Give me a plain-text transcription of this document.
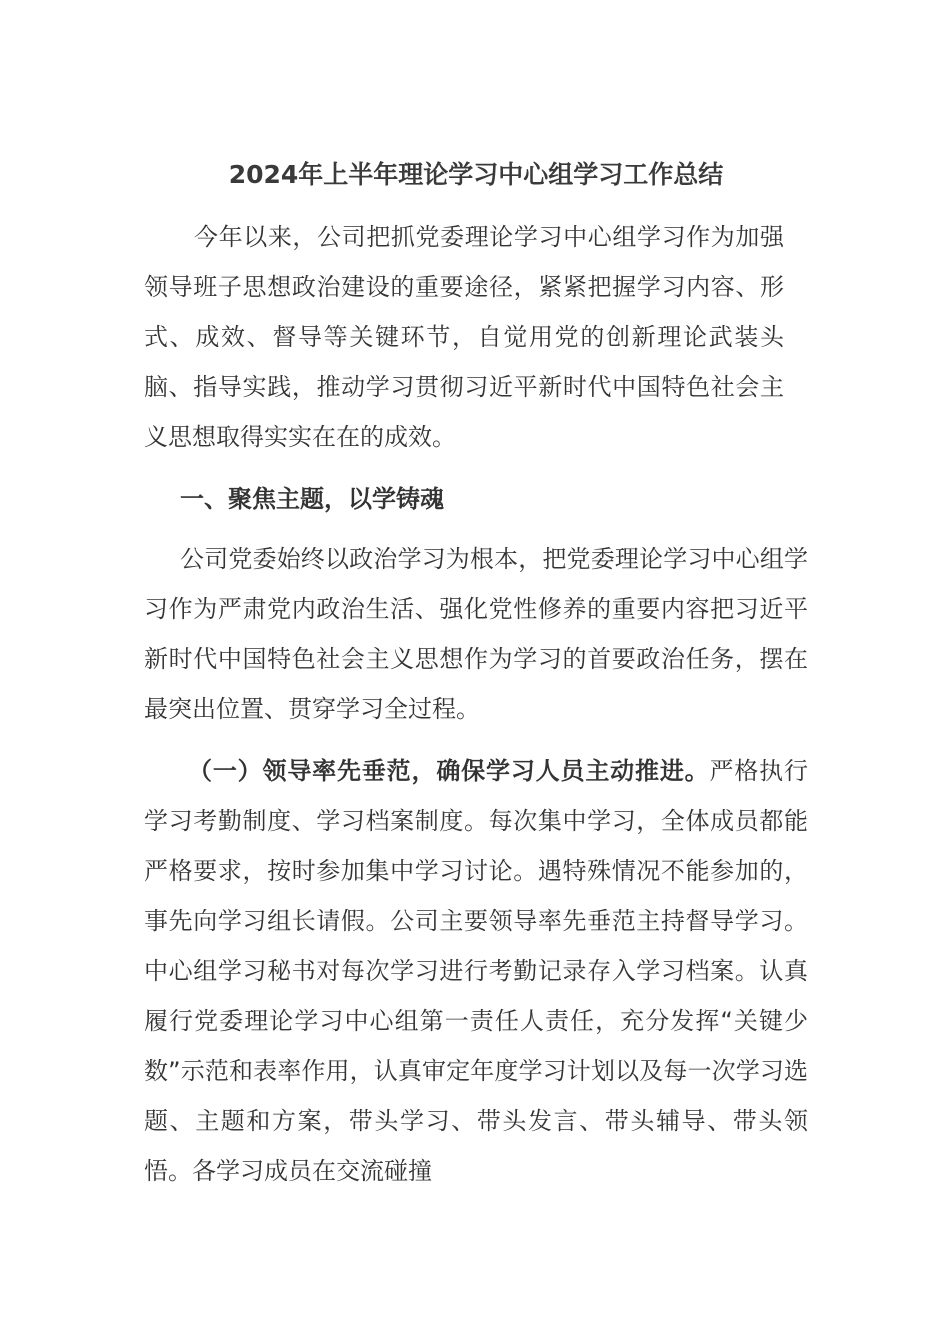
2024年上半年理论学习中心组学习工作总结

今年以来，公司把抓党委理论学习中心组学习作为加强领导班子思想政治建设的重要途径，紧紧把握学习内容、形式、成效、督导等关键环节，自觉用党的创新理论武装头脑、指导实践，推动学习贯彻习近平新时代中国特色社会主义思想取得实实在在的成效。

一、聚焦主题，以学铸魂

公司党委始终以政治学习为根本，把党委理论学习中心组学习作为严肃党内政治生活、强化党性修养的重要内容把习近平新时代中国特色社会主义思想作为学习的首要政治任务，摆在最突出位置、贯穿学习全过程。

（一）领导率先垂范，确保学习人员主动推进。严格执行学习考勤制度、学习档案制度。每次集中学习，全体成员都能严格要求，按时参加集中学习讨论。遇特殊情况不能参加的，事先向学习组长请假。公司主要领导率先垂范主持督导学习。中心组学习秘书对每次学习进行考勤记录存入学习档案。认真履行党委理论学习中心组第一责任人责任，充分发挥“关键少数”示范和表率作用，认真审定年度学习计划以及每一次学习选题、主题和方案，带头学习、带头发言、带头辅导、带头领悟。各学习成员在交流碰撞
